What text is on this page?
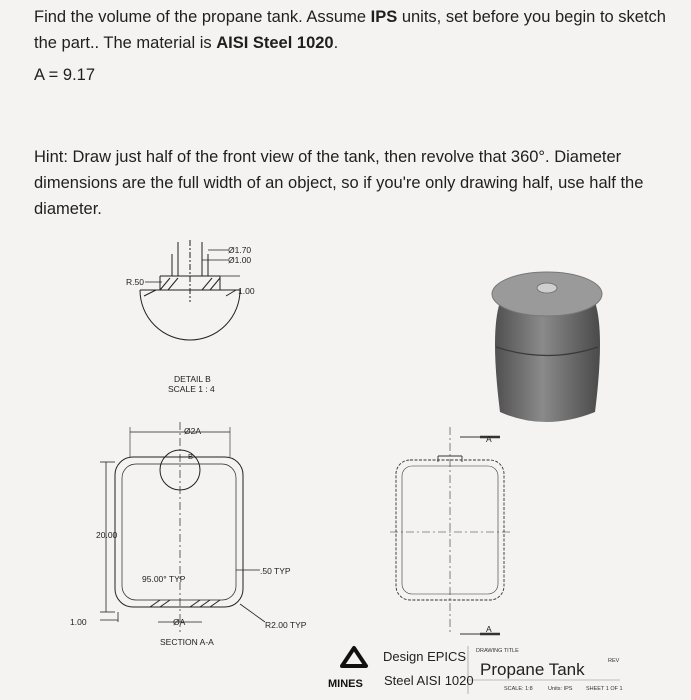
Find the volume of the propane tank. Assume IPS units, set before you begin to sketch the part.. The material is AISI Steel 1020.
A = 9.17
Hint: Draw just half of the front view of the tank, then revolve that 360°. Diameter dimensions are the full width of an object, so if you're only drawing half, use half the diameter.
Ø1.70
Ø1.00
R.50
1.00
DETAIL B
SCALE 1 : 4
Ø2A
B
20.00
95.00° TYP
.50 TYP
ØA
1.00	R2.00 TYP
SECTION A-A
A
A
MINES
Design EPICS
Steel AISI 1020
DRAWING TITLE
REV
Propane Tank
SCALE: 1:8	Units: IPS SHEET 1 OF 1
